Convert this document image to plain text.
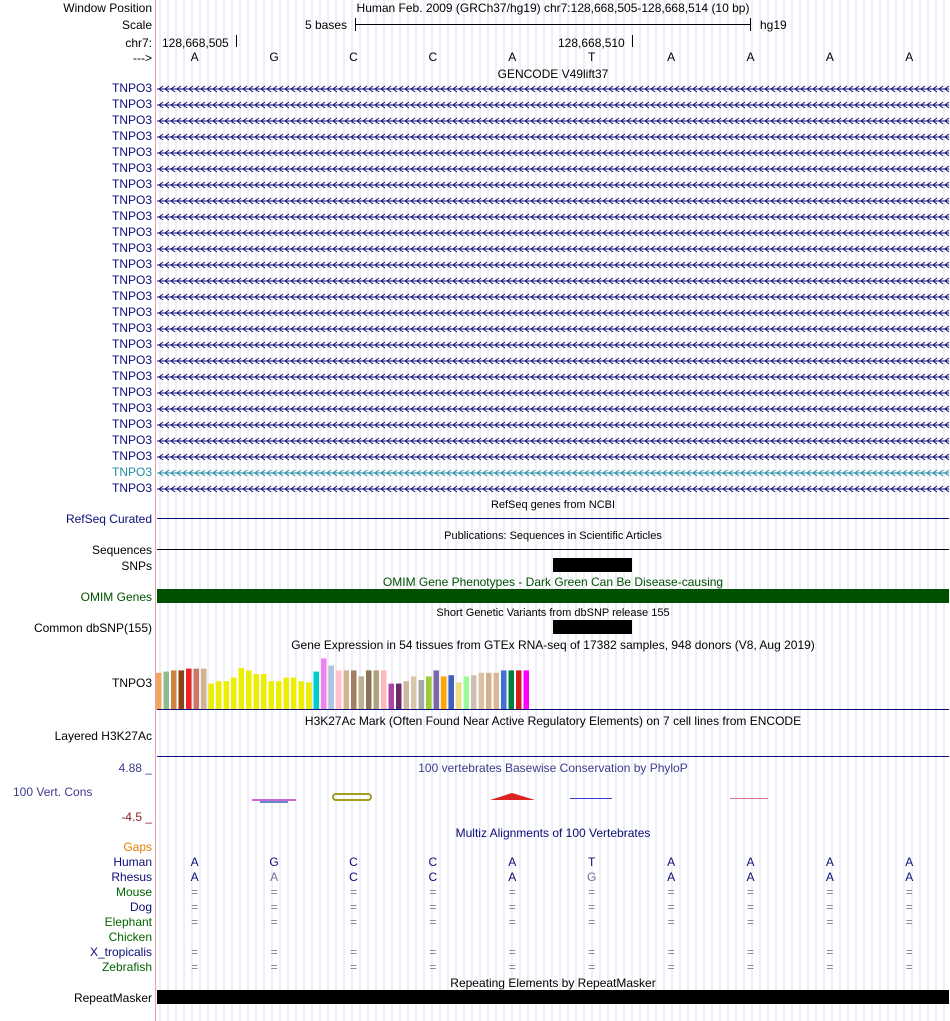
Window Position	Human Feb. 2009 (GRCh37/hg19) chr7:128,668,505-128,668,514 (10 bp)
Scale	5 bases	hg19
chr7: 128,668,505	128,668,510
--->	A	G	C	C	A	T	A	A	A	A
GENCODE V49lift37
TNPO3
TNPO3
TNPO3
TNPO3
TNPO3
TNPO3
TNPO3
TNPO3
TNPO3
TNPO3
TNPO3
TNPO3
TNPO3
TNPO3
TNPO3
TNPO3
TNPO3
TNPO3
TNPO3
TNPO3
TNPO3
TNPO3
TNPO3
TNPO3
TNPO3
TNPO3
RefSeq genes from NCBI
RefSeq Curated
Publications: Sequences in Scientific Articles
Sequences
SNPs
OMIM Gene Phenotypes - Dark Green Can Be Disease-causing
OMIM Genes
Short Genetic Variants from dbSNP release 155
Common dbSNP(155)
Gene Expression in 54 tissues from GTEx RNA-seq of 17382 samples, 948 donors (V8, Aug 2019)
TNPO3
H3K27Ac Mark (Often Found Near Active Regulatory Elements) on 7 cell lines from ENCODE
Layered H3K27Ac
4.88 _	100 vertebrates Basewise Conservation by PhyloP
100 Vert. Cons
-4.5 _
Multiz Alignments of 100 Vertebrates
Gaps
Human	A	G	C	C	A	T	A	A	A	A
Rhesus	A	A	C	C	A	G	A	A	A	A
Mouse	=	=	=	=	=	=	=	=	=	=
Dog	=	=	=	=	=	=	=	=	=	=
Elephant	=	=	=	=	=	=	=	=	=	=
Chicken
X_tropicalis	=	=	=	=	=	=	=	=	=	=
Zebrafish	=	=	=	=	=	=	=	=	=	=
Repeating Elements by RepeatMasker
RepeatMasker
